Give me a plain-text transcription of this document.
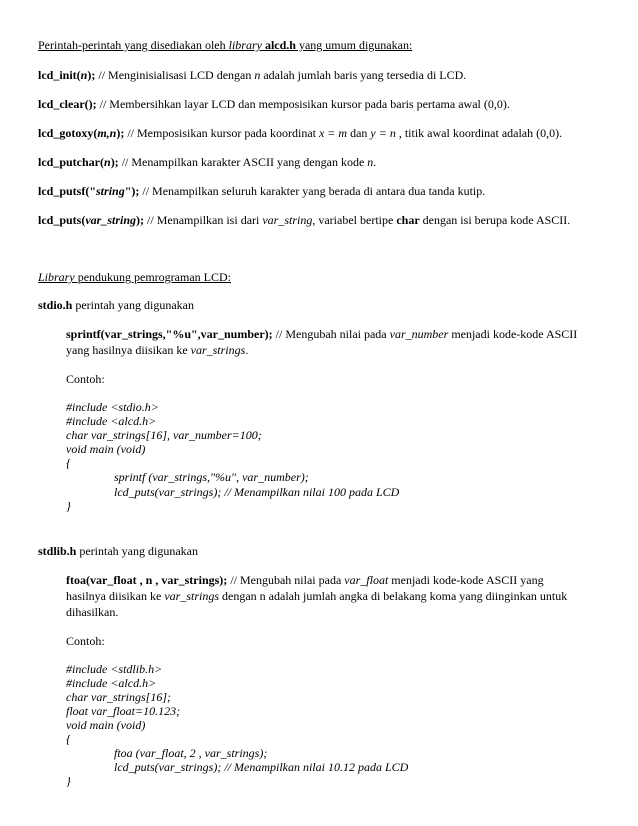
Perintah-perintah yang disediakan oleh library alcd.h yang umum digunakan:
lcd_init(n); // Menginisialisasi LCD dengan n adalah jumlah baris yang tersedia di LCD.
lcd_clear(); // Membersihkan layar LCD dan memposisikan kursor pada baris pertama awal (0,0).
lcd_gotoxy(m,n); // Memposisikan kursor pada koordinat x = m dan y = n , titik awal koordinat adalah (0,0).
lcd_putchar(n); // Menampilkan karakter ASCII yang dengan kode n.
lcd_putsf("string"); // Menampilkan seluruh karakter yang berada di antara dua tanda kutip.
lcd_puts(var_string); // Menampilkan isi dari var_string, variabel bertipe char dengan isi berupa kode ASCII.
Library pendukung pemrograman LCD:
stdio.h perintah yang digunakan
sprintf(var_strings,"%u",var_number); // Mengubah nilai pada var_number menjadi kode-kode ASCII
yang hasilnya diisikan ke var_strings.
Contoh:
#include <stdio.h>
#include <alcd.h>
char var_strings[16], var_number=100;
void main (void)
{
sprintf (var_strings,"%u", var_number);
lcd_puts(var_strings); // Menampilkan nilai 100 pada LCD
}
stdlib.h perintah yang digunakan
ftoa(var_float , n , var_strings); // Mengubah nilai pada var_float menjadi kode-kode ASCII yang
hasilnya diisikan ke var_strings dengan n adalah jumlah angka di belakang koma yang diinginkan untuk
dihasilkan.
Contoh:
#include <stdlib.h>
#include <alcd.h>
char var_strings[16];
float var_float=10.123;
void main (void)
{
ftoa (var_float, 2 , var_strings);
lcd_puts(var_strings); // Menampilkan nilai 10.12 pada LCD
}
